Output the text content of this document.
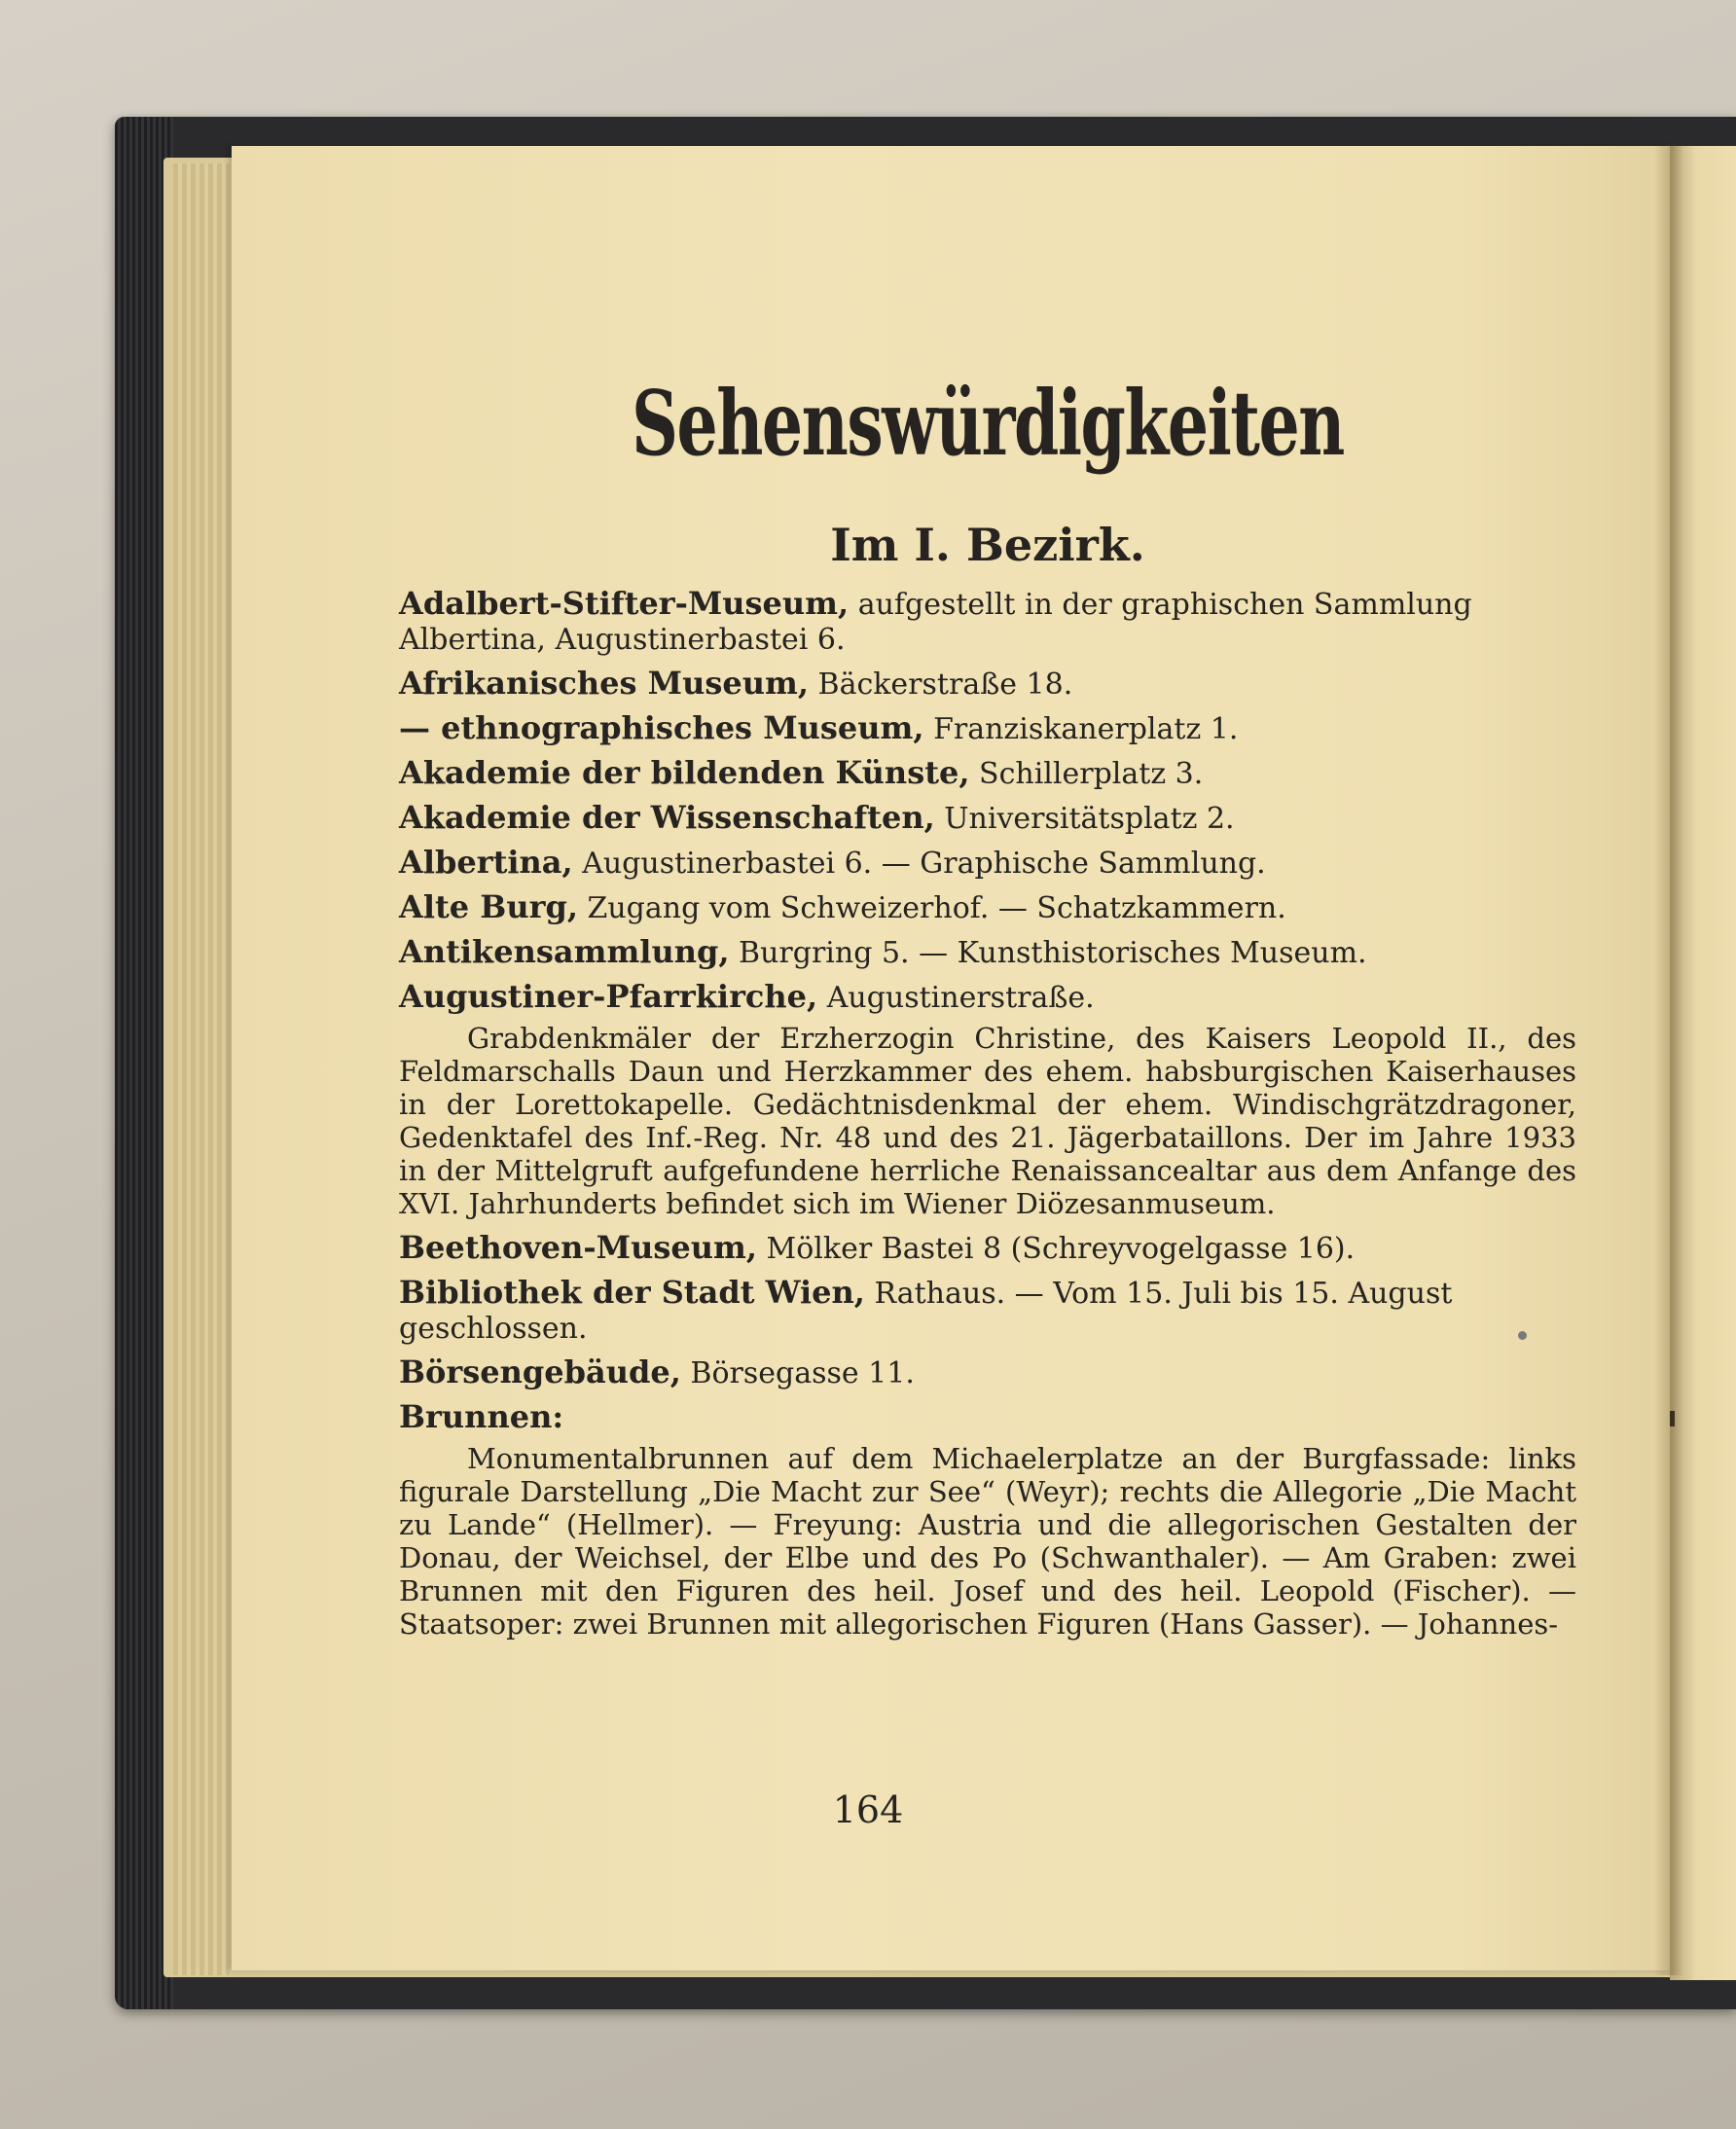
Sehenswürdigkeiten
Im I. Bezirk.

Adalbert-Stifter-Museum, aufgestellt in der graphischen Sammlung Albertina, Augustinerbastei 6.

Afrikanisches Museum, Bäckerstraße 18.

— ethnographisches Museum, Franziskanerplatz 1.

Akademie der bildenden Künste, Schillerplatz 3.

Akademie der Wissenschaften, Universitätsplatz 2.

Albertina, Augustinerbastei 6. — Graphische Sammlung.

Alte Burg, Zugang vom Schweizerhof. — Schatzkammern.

Antikensammlung, Burgring 5. — Kunsthistorisches Museum.

Augustiner-Pfarrkirche, Augustinerstraße.

Grabdenkmäler der Erzherzogin Christine, des Kaisers Leopold II., des Feldmarschalls Daun und Herzkammer des ehem. habsburgischen Kaiserhauses in der Lorettokapelle. Gedächtnisdenkmal der ehem. Windischgrätzdragoner, Gedenktafel des Inf.-Reg. Nr. 48 und des 21. Jägerbataillons. Der im Jahre 1933 in der Mittelgruft aufgefundene herrliche Renaissancealtar aus dem Anfange des XVI. Jahrhunderts befindet sich im Wiener Diözesanmuseum.

Beethoven-Museum, Mölker Bastei 8 (Schreyvogelgasse 16).

Bibliothek der Stadt Wien, Rathaus. — Vom 15. Juli bis 15. August geschlossen.

Börsengebäude, Börsegasse 11.

Brunnen:

Monumentalbrunnen auf dem Michaelerplatze an der Burgfassade: links figurale Darstellung „Die Macht zur See“ (Weyr); rechts die Allegorie „Die Macht zu Lande“ (Hellmer). — Freyung: Austria und die allegorischen Gestalten der Donau, der Weichsel, der Elbe und des Po (Schwanthaler). — Am Graben: zwei Brunnen mit den Figuren des heil. Josef und des heil. Leopold (Fischer). — Staatsoper: zwei Brunnen mit allegorischen Figuren (Hans Gasser). — Johannes-

164
